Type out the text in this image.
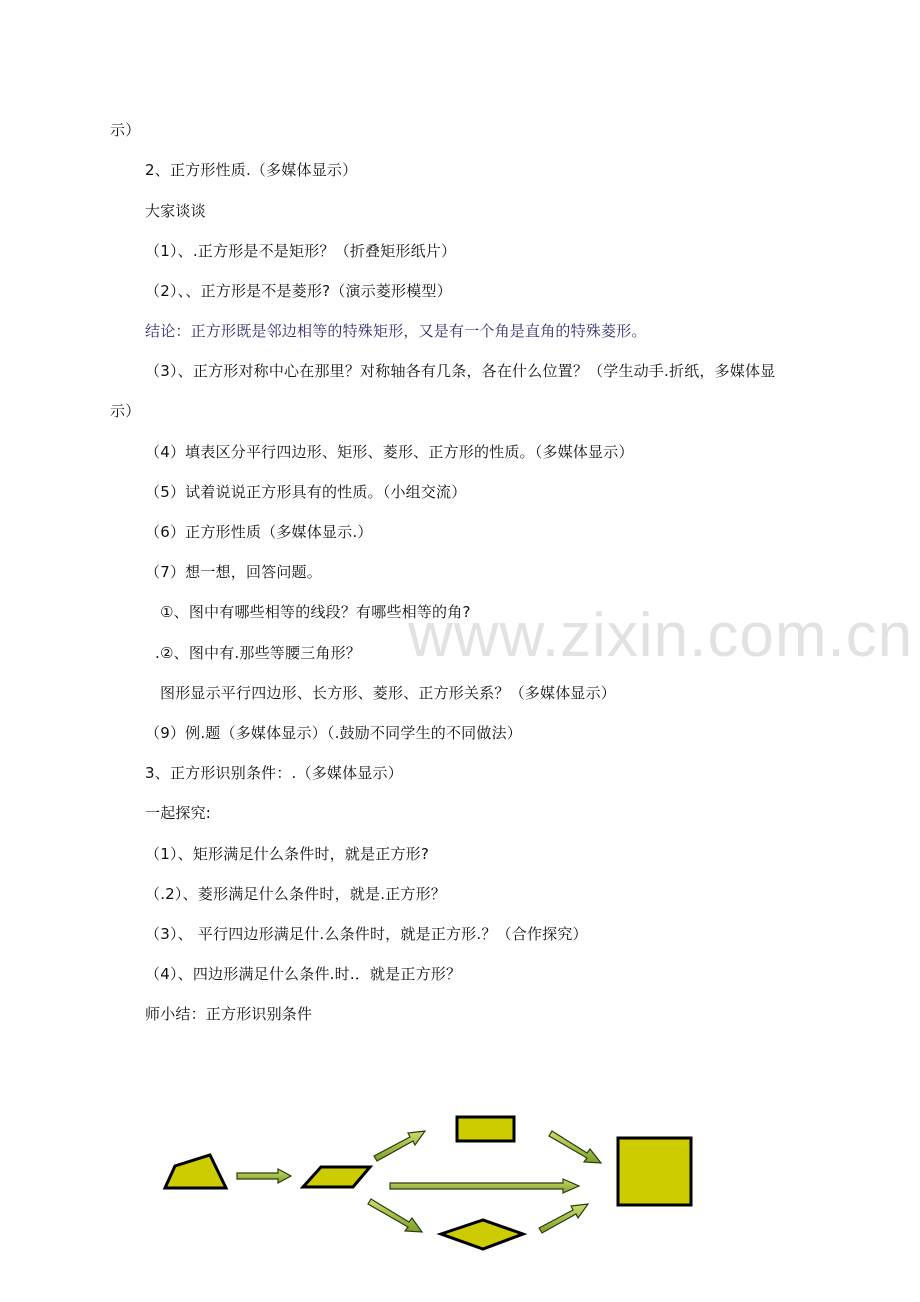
www.zixin.com.cn
示）
2、正方形性质.（多媒体显示）
大家谈谈
（1）、.正方形是不是矩形？（折叠矩形纸片）
（2）、、正方形是不是菱形?（演示菱形模型）
结论：正方形既是邻边相等的特殊矩形，又是有一个角是直角的特殊菱形。
（3）、正方形对称中心在那里？对称轴各有几条，各在什么位置？（学生动手.折纸，多媒体显
示）
（4）填表区分平行四边形、矩形、菱形、正方形的性质。（多媒体显示）
（5）试着说说正方形具有的性质。（小组交流）
（6）正方形性质（多媒体显示.）
（7）想一想，回答问题。
①、图中有哪些相等的线段？有哪些相等的角?
.②、图中有.那些等腰三角形？
图形显示平行四边形、长方形、菱形、正方形关系？（多媒体显示）
（9）例.题（多媒体显示）（.鼓励不同学生的不同做法）
3、正方形识别条件：.（多媒体显示）
一起探究:
（1）、矩形满足什么条件时，就是正方形?
（.2）、菱形满足什么条件时，就是.正方形？
（3）、 平行四边形满足什.么条件时，就是正方形.？（合作探究）
（4）、四边形满足什么条件.时.．就是正方形？
师小结：正方形识别条件
